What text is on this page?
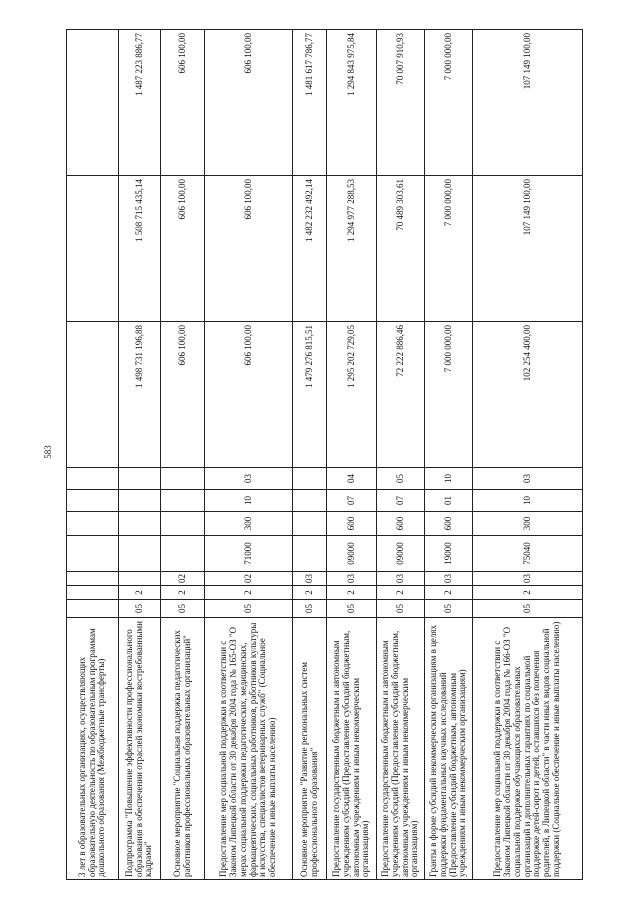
583
3 лет в образовательных организациях, осуществляющих образовательную деятельность по образовательным программам дошкольного образования (Межбюджетные трансферты)										
Подпрограмма "Повышение эффективности профессионального образования в обеспечении отраслей экономики востребованными кадрами"	05	2						1 498 731 196,88	1 508 715 435,14	1 487 223 886,77
Основное мероприятие "Социальная поддержка педагогических работников профессиональных образовательных организаций"	05	2	02					606 100,00	606 100,00	606 100,00
Предоставление мер социальной поддержки в соответствии с Законом Липецкой области от 30 декабря 2004 года № 165-ОЗ "О мерах социальной поддержки педагогических, медицинских, фармацевтических, социальных работников, работников культуры и искусства, специалистов ветеринарных служб" (Социальное обеспечение и иные выплаты населению)	05	2	02	71000	300	10	03	606 100,00	606 100,00	606 100,00
Основное мероприятие "Развитие региональных систем профессионального образования"	05	2	03					1 479 276 815,51	1 482 232 492,14	1 481 617 786,77
Предоставление государственным бюджетным и автономным учреждениям субсидий (Предоставление субсидий бюджетным, автономным учреждениям и иным некоммерческим организациям)	05	2	03	09000	600	07	04	1 295 202 729,05	1 294 977 288,53	1 294 843 975,84
Предоставление государственным бюджетным и автономным учреждениям субсидий (Предоставление субсидий бюджетным, автономным учреждениям и иным некоммерческим организациям)	05	2	03	09000	600	07	05	72 222 886,46	70 489 303,61	70 007 910,93
Гранты в форме субсидий некоммерческим организациям в целях поддержки фундаментальных научных исследований (Предоставление субсидий бюджетным, автономным учреждениям и иным некоммерческим организациям)	05	2	03	19000	600	01	10	7 000 000,00	7 000 000,00	7 000 000,00
Предоставление мер социальной поддержки в соответствии с Законом Липецкой области от 30 декабря 2004 года № 166-ОЗ "О социальной поддержке обучающихся образовательных организаций и дополнительных гарантиях по социальной поддержке детей-сирот и детей, оставшихся без попечения родителей, в Липецкой области" в части иных видов социальной поддержки (Социальное обеспечение и иные выплаты населению)	05	2	03	75040	300	10	03	102 254 400,00	107 149 100,00	107 149 100,00
